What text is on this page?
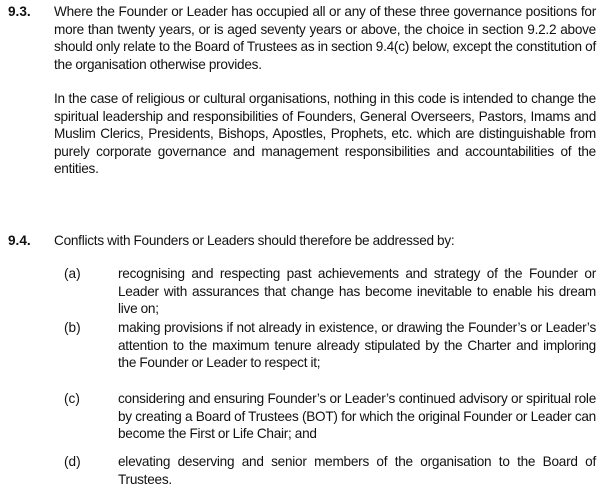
9.3. Where the Founder or Leader has occupied all or any of these three governance positions for more than twenty years, or is aged seventy years or above, the choice in section 9.2.2 above should only relate to the Board of Trustees as in section 9.4(c) below, except the constitution of the organisation otherwise provides.

In the case of religious or cultural organisations, nothing in this code is intended to change the spiritual leadership and responsibilities of Founders, General Overseers, Pastors, Imams and Muslim Clerics, Presidents, Bishops, Apostles, Prophets, etc. which are distinguishable from purely corporate governance and management responsibilities and accountabilities of the entities.

9.4. Conflicts with Founders or Leaders should therefore be addressed by:

(a)	recognising and respecting past achievements and strategy of the Founder or Leader with assurances that change has become inevitable to enable his dream live on;

(b)	making provisions if not already in existence, or drawing the Founder’s or Leader’s attention to the maximum tenure already stipulated by the Charter and imploring the Founder or Leader to respect it;

(c)	considering and ensuring Founder’s or Leader’s continued advisory or spiritual role by creating a Board of Trustees (BOT) for which the original Founder or Leader can become the First or Life Chair; and

(d)	elevating deserving and senior members of the organisation to the Board of Trustees.
